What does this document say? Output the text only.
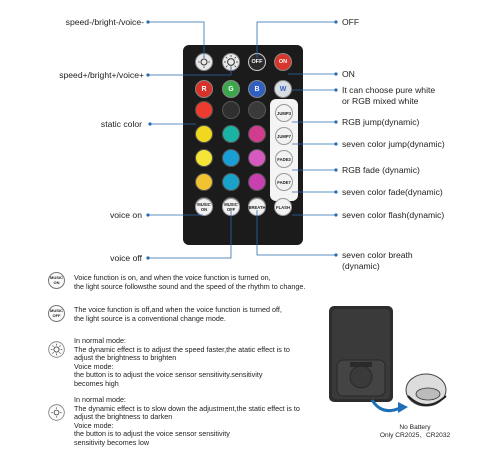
OFF	ON
R	G	B	W
JUMP3
JUMP7
FADE3
FADE7
MUSIC ON
MUSIC OFF	BREATH FLASH
speed-/bright-/voice-
speed+/bright+/voice+
static color
voice on
voice off
OFF
ON
It can choose pure white
or RGB mixed white
RGB jump(dynamic)
seven color jump(dynamic)
RGB fade (dynamic)
seven color fade(dynamic)
seven color flash(dynamic)
seven color breath
(dynamic)
MUSIC ON	Voice function is on, and when the voice function is turned on,
the light source followsthe sound and the speed of the rhythm to change.
MUSIC OFF
The voice function is off,and when the voice function is turned off,
the light source is a conventional change mode.
In normal mode:
The dynamic effect is to adjust the speed faster,the atatic effect is to
adjust the brightness to brighten
Voice mode:
the button is to adjust the voice sensor sensitivity.sensitivity
becomes high
In normal mode:
The dynamic effect is to slow down the adjustment,the static effect is to
adjust the brightness to darken
Voice mode:
the button is to adjust the voice sensor sensitivity
sensitivity becomes low
No Battery
Only CR2025、CR2032
